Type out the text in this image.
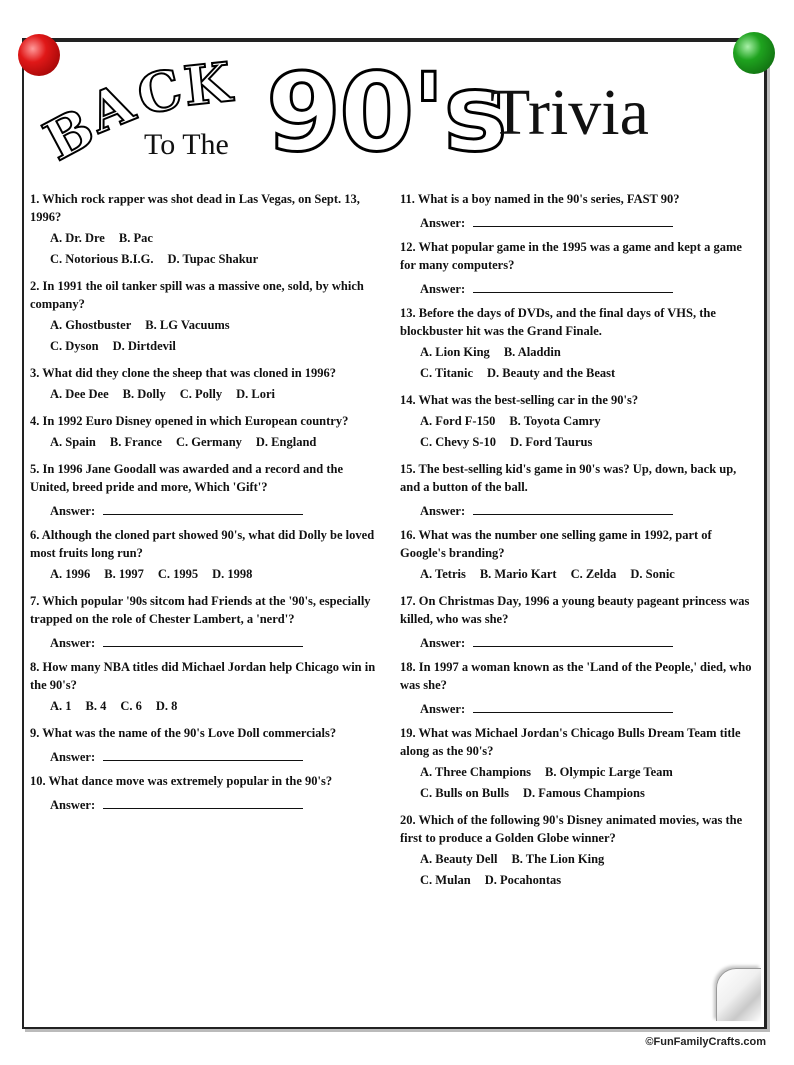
B
A
C
K
To The 90's
Trivia
1. Which rock rapper was shot dead in Las Vegas, on Sept. 13, 1996?
A. Dr. Dre B. Pac
C. Notorious B.I.G. D. Tupac Shakur
2. In 1991 the oil tanker spill was a massive one, sold, by which company?
A. Ghostbuster B. LG Vacuums
C. Dyson D. Dirtdevil
3. What did they clone the sheep that was cloned in 1996?
A. Dee Dee B. Dolly C. Polly D. Lori
4. In 1992 Euro Disney opened in which European country?
A. Spain B. France C. Germany D. England
5. In 1996 Jane Goodall was awarded and a record and the United, breed pride and more, Which 'Gift'?
Answer:
6. Although the cloned part showed 90's, what did Dolly be loved most fruits long run?
A. 1996 B. 1997 C. 1995 D. 1998
7. Which popular '90s sitcom had Friends at the '90's, especially trapped on the role of Chester Lambert, a 'nerd'?
Answer:
8. How many NBA titles did Michael Jordan help Chicago win in the 90's?
A. 1 B. 4 C. 6 D. 8
9. What was the name of the 90's Love Doll commercials?
Answer:
10. What dance move was extremely popular in the 90's?
Answer:
11. What is a boy named in the 90's series, FAST 90?
Answer:
12. What popular game in the 1995 was a game and kept a game for many computers?
Answer:
13. Before the days of DVDs, and the final days of VHS, the blockbuster hit was the Grand Finale.
A. Lion King B. Aladdin
C. Titanic D. Beauty and the Beast
14. What was the best-selling car in the 90's?
A. Ford F-150 B. Toyota Camry
C. Chevy S-10 D. Ford Taurus
15. The best-selling kid's game in 90's was? Up, down, back up, and a button of the ball.
Answer:
16. What was the number one selling game in 1992, part of Google's branding?
A. Tetris B. Mario Kart C. Zelda D. Sonic
17. On Christmas Day, 1996 a young beauty pageant princess was killed, who was she?
Answer:
18. In 1997 a woman known as the 'Land of the People,' died, who was she?
Answer:
19. What was Michael Jordan's Chicago Bulls Dream Team title along as the 90's?
A. Three Champions B. Olympic Large Team
C. Bulls on Bulls D. Famous Champions
20. Which of the following 90's Disney animated movies, was the first to produce a Golden Globe winner?
A. Beauty Dell B. The Lion King
C. Mulan D. Pocahontas
©FunFamilyCrafts.com
